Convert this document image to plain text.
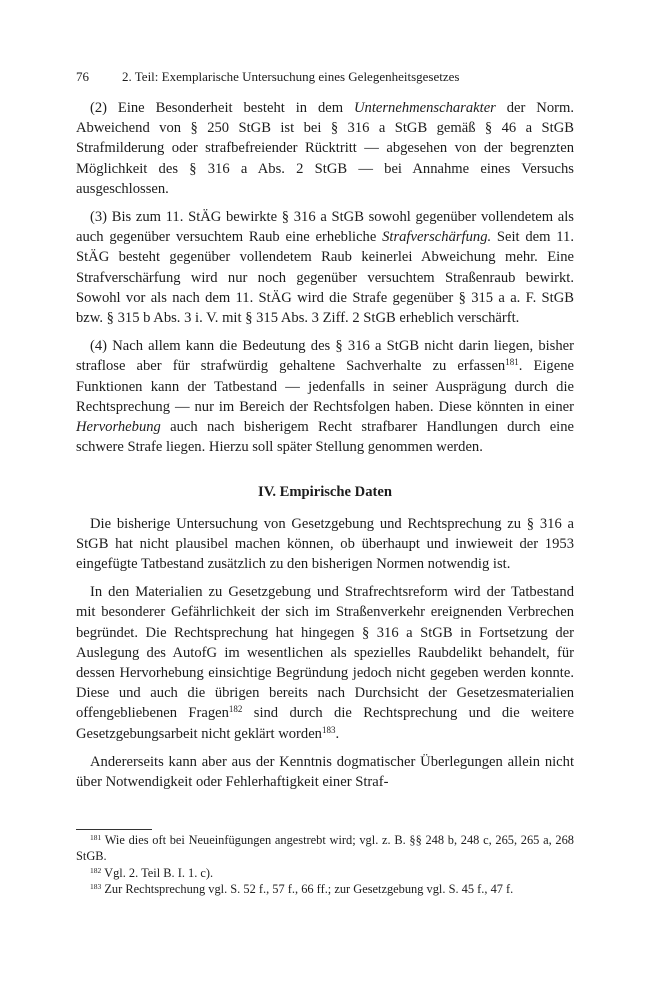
76	2. Teil: Exemplarische Untersuchung eines Gelegenheitsgesetzes

(2) Eine Besonderheit besteht in dem Unternehmenscharakter der Norm. Abweichend von § 250 StGB ist bei § 316 a StGB gemäß § 46 a StGB Strafmilderung oder strafbefreiender Rücktritt — abgesehen von der begrenzten Möglichkeit des § 316 a Abs. 2 StGB — bei Annahme eines Versuchs ausgeschlossen.

(3) Bis zum 11. StÄG bewirkte § 316 a StGB sowohl gegenüber vollendetem als auch gegenüber versuchtem Raub eine erhebliche Strafverschärfung. Seit dem 11. StÄG besteht gegenüber vollendetem Raub keinerlei Abweichung mehr. Eine Strafverschärfung wird nur noch gegenüber versuchtem Straßenraub bewirkt. Sowohl vor als nach dem 11. StÄG wird die Strafe gegenüber § 315 a a. F. StGB bzw. § 315 b Abs. 3 i. V. mit § 315 Abs. 3 Ziff. 2 StGB erheblich verschärft.

(4) Nach allem kann die Bedeutung des § 316 a StGB nicht darin liegen, bisher straflose aber für strafwürdig gehaltene Sachverhalte zu erfassen$^{181}$. Eigene Funktionen kann der Tatbestand — jedenfalls in seiner Ausprägung durch die Rechtsprechung — nur im Bereich der Rechtsfolgen haben. Diese könnten in einer Hervorhebung auch nach bisherigem Recht strafbarer Handlungen durch eine schwere Strafe liegen. Hierzu soll später Stellung genommen werden.

IV. Empirische Daten

Die bisherige Untersuchung von Gesetzgebung und Rechtsprechung zu § 316 a StGB hat nicht plausibel machen können, ob überhaupt und inwieweit der 1953 eingefügte Tatbestand zusätzlich zu den bisherigen Normen notwendig ist.

In den Materialien zu Gesetzgebung und Strafrechtsreform wird der Tatbestand mit besonderer Gefährlichkeit der sich im Straßenverkehr ereignenden Verbrechen begründet. Die Rechtsprechung hat hingegen § 316 a StGB in Fortsetzung der Auslegung des AutofG im wesentlichen als spezielles Raubdelikt behandelt, für dessen Hervorhebung einsichtige Begründung jedoch nicht gegeben werden konnte. Diese und auch die übrigen bereits nach Durchsicht der Gesetzesmaterialien offengebliebenen Fragen$^{182}$ sind durch die Rechtsprechung und die weitere Gesetzgebungsarbeit nicht geklärt worden$^{183}$.

Andererseits kann aber aus der Kenntnis dogmatischer Überlegungen allein nicht über Notwendigkeit oder Fehlerhaftigkeit einer Straf-

$^{181}$ Wie dies oft bei Neueinfügungen angestrebt wird; vgl. z. B. §§ 248 b, 248 c, 265, 265 a, 268 StGB.

$^{182}$ Vgl. 2. Teil B. I. 1. c).

$^{183}$ Zur Rechtsprechung vgl. S. 52 f., 57 f., 66 ff.; zur Gesetzgebung vgl. S. 45 f., 47 f.
